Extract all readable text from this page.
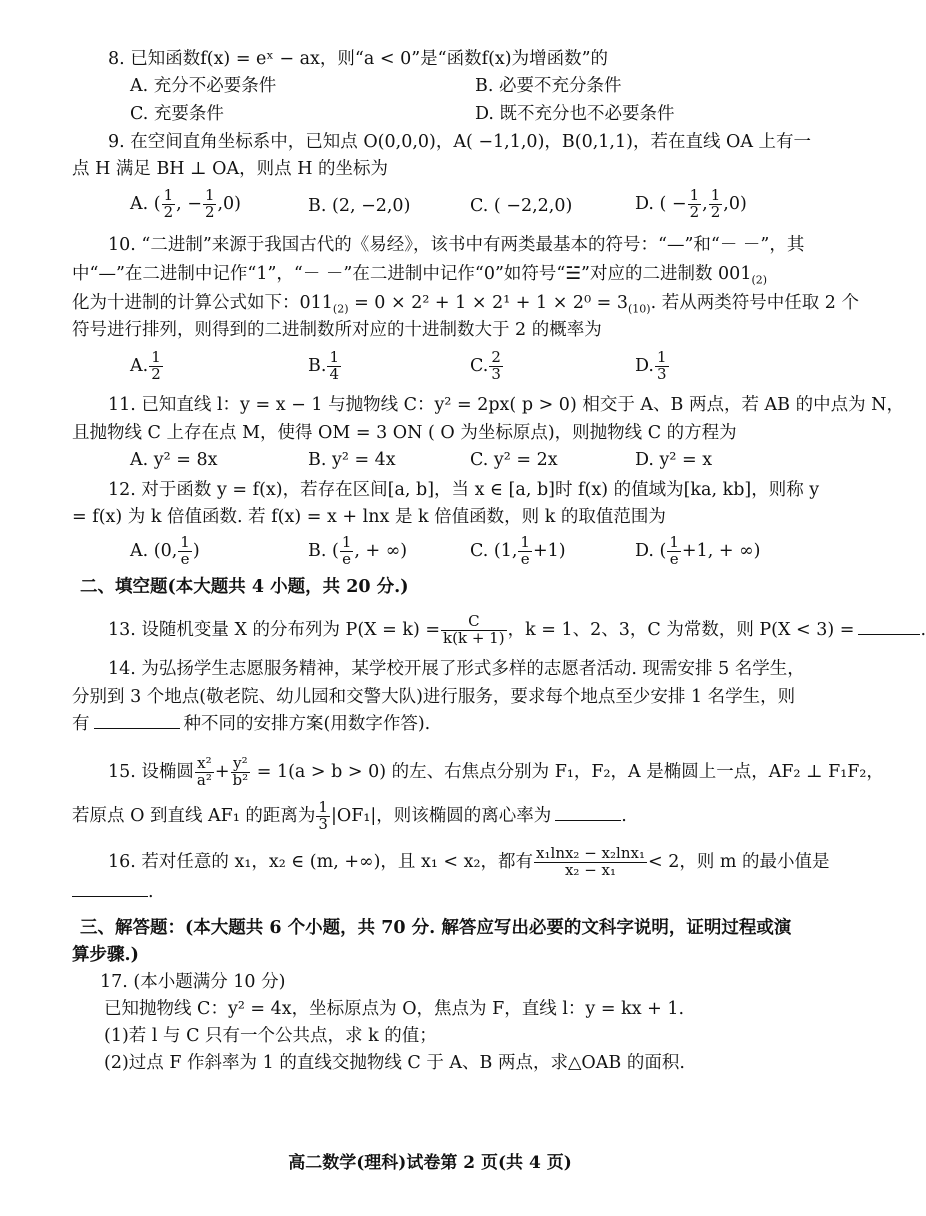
8. 已知函数f(x) = eˣ − ax，则“a < 0”是“函数f(x)为增函数”的
A. 充分不必要条件	B. 必要不充分条件
C. 充要条件	D. 既不充分也不必要条件
9. 在空间直角坐标系中，已知点 O(0,0,0)，A( −1,1,0)，B(0,1,1)，若在直线 OA 上有一
点 H 满足 BH ⊥ OA，则点 H 的坐标为
A. ( $\frac{1}{2}$ , − $\frac{1}{2} ,0$)	B. (2, −2,0)	C. ( −2,2,0)	D. ( − $\frac{1}{2}$ , $\frac{1}{2} ,0$)
10. “二进制”来源于我国古代的《易经》，该书中有两类最基本的符号：“—”和“－ －”，其
中“—”在二进制中记作“1”，“－ －”在二进制中记作“0”如符号“☱”对应的二进制数 $001_{(2)}$
化为十进制的计算公式如下：$011_{(2)} = 0 \times 2^2 + 1 \times 2^1 + 1 \times 2^0 = 3_{(10)}$. 若从两类符号中任取 2 个
符号进行排列，则得到的二进制数所对应的十进制数大于 2 的概率为
A. $\frac{1}{2}$	B. $\frac{1}{4}$	C. $\frac{2}{3}$	D. $\frac{1}{3}$
11. 已知直线 l：y = x − 1 与抛物线 C：y² = 2px( p > 0) 相交于 A、B 两点，若 AB 的中点为 N，
且抛物线 C 上存在点 M，使得 OM = 3 ON ( O 为坐标原点)，则抛物线 C 的方程为
A. y² = 8x	B. y² = 4x	C. y² = 2x	D. y² = x
12. 对于函数 y = f(x)，若存在区间[a, b]，当 x ∈ [a, b]时 f(x) 的值域为[ka, kb]，则称 y
= f(x) 为 k 倍值函数. 若 f(x) = x + lnx 是 k 倍值函数，则 k 的取值范围为
A. (0, $\frac{1}{e}$ )	B. ( $\frac{1}{e}$ , + ∞)	C. (1, $\frac{1}{e} +1$)	D. ( $\frac{1}{e} +1$, + ∞)
二、填空题(本大题共 4 小题，共 20 分.)
13. 设随机变量 X 的分布列为 $P(X = k) = \frac{C}{k(k + 1)}$ ，k = 1、2、3，C 为常数，则 P(X < 3) =	.
14. 为弘扬学生志愿服务精神，某学校开展了形式多样的志愿者活动. 现需安排 5 名学生，
分别到 3 个地点(敬老院、幼儿园和交警大队)进行服务，要求每个地点至少安排 1 名学生，则
有	种不同的安排方案(用数字作答).
15. 设椭圆 $\frac{\text{x²}}{\text{a²}} + \frac{\text{y²}}{\text{b²}} = 1(a > b > 0)$ 的左、右焦点分别为 F₁，F₂，A 是椭圆上一点，AF₂ ⊥ F₁F₂，
若原点 O 到直线 AF₁ 的距离为 $\frac{1}{3} |OF_1|$，则该椭圆的离心率为	.
16. 若对任意的 x₁，x₂ ∈ (m, +∞)，且 x₁ < x₂，都有 $\frac{\text{x₁lnx₂ − x₂lnx₁}}{\text{x₂ − x₁}} < 2$，则 m 的最小值是
.
三、解答题：(本大题共 6 个小题，共 70 分. 解答应写出必要的文科字说明，证明过程或演
算步骤.)
17. (本小题满分 10 分)
已知抛物线 C：y² = 4x，坐标原点为 O，焦点为 F，直线 l：y = kx + 1.
(1)若 l 与 C 只有一个公共点，求 k 的值；
(2)过点 F 作斜率为 1 的直线交抛物线 C 于 A、B 两点，求△OAB 的面积.
高二数学(理科)试卷第 2 页(共 4 页)
